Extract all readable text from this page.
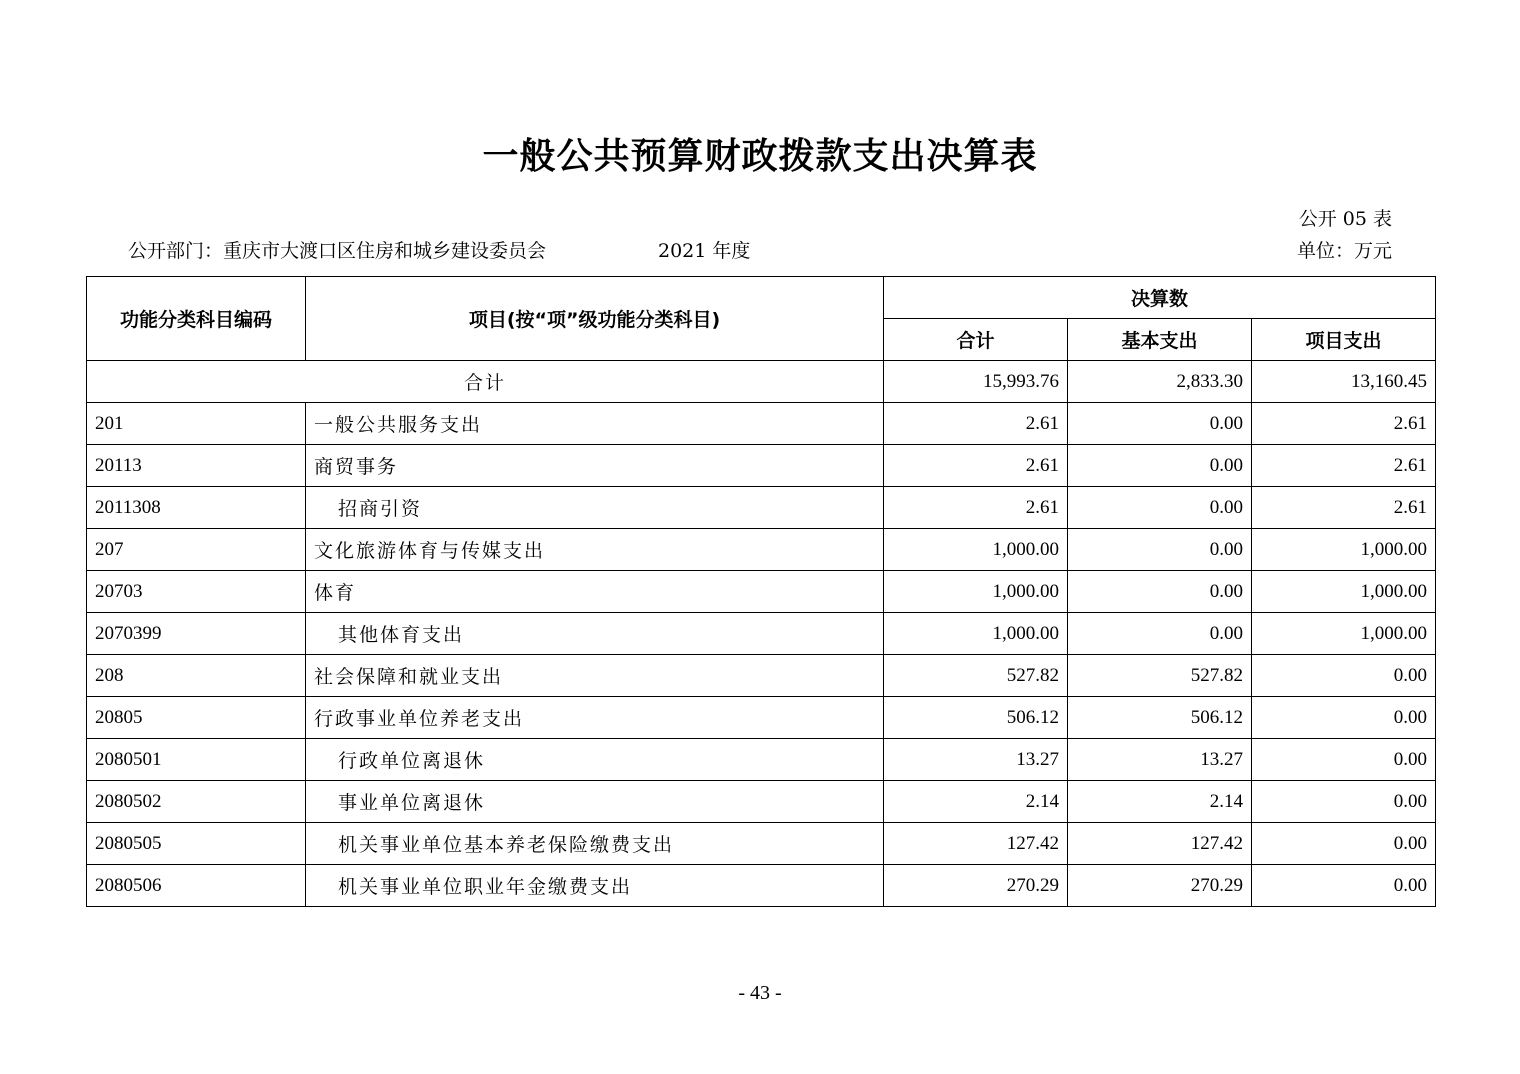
一般公共预算财政拨款支出决算表
公开 05 表
公开部门：重庆市大渡口区住房和城乡建设委员会	2021 年度	单位：万元
功能分类科目编码	项目(按“项”级功能分类科目)	决算数		
		合计	基本支出	项目支出
合计		15,993.76	2,833.30	13,160.45
201	一般公共服务支出	2.61	0.00	2.61
20113	商贸事务	2.61	0.00	2.61
2011308	招商引资	2.61	0.00	2.61
207	文化旅游体育与传媒支出	1,000.00	0.00	1,000.00
20703	体育	1,000.00	0.00	1,000.00
2070399	其他体育支出	1,000.00	0.00	1,000.00
208	社会保障和就业支出	527.82	527.82	0.00
20805	行政事业单位养老支出	506.12	506.12	0.00
2080501	行政单位离退休	13.27	13.27	0.00
2080502	事业单位离退休	2.14	2.14	0.00
2080505	机关事业单位基本养老保险缴费支出	127.42	127.42	0.00
2080506	机关事业单位职业年金缴费支出	270.29	270.29	0.00
- 43 -
